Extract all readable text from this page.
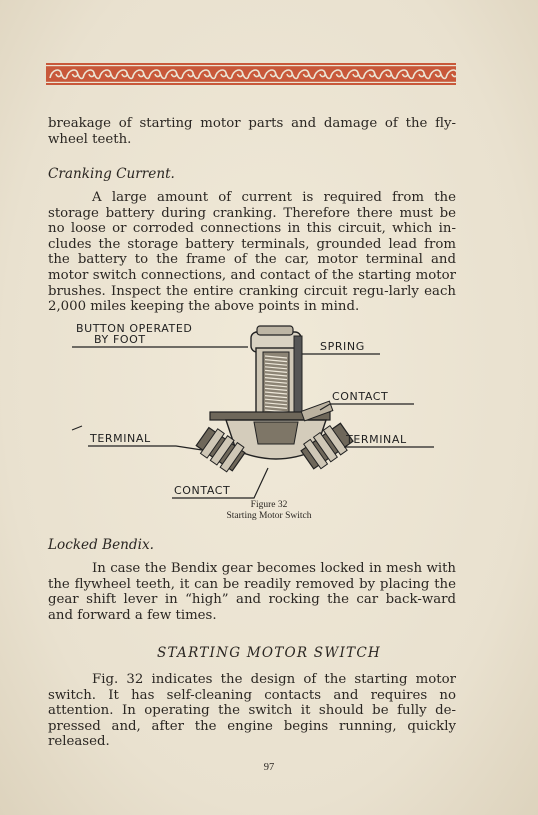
breakage of starting motor parts and damage of the fly-wheel teeth.
Cranking Current.
A large amount of current is required from the storage battery during cranking. Therefore there must be no loose or corroded connections in this circuit, which in-cludes the storage battery terminals, grounded lead from the battery to the frame of the car, motor terminal and motor switch connections, and contact of the starting motor brushes. Inspect the entire cranking circuit regu-larly each 2,000 miles keeping the above points in mind.
BUTTON OPERATED
BY FOOT
SPRING
CONTACT
TERMINAL	TERMINAL
CONTACT
Figure 32
Starting Motor Switch
Locked Bendix.
In case the Bendix gear becomes locked in mesh with the flywheel teeth, it can be readily removed by placing the gear shift lever in “high” and rocking the car back-ward and forward a few times.
STARTING MOTOR SWITCH
Fig. 32 indicates the design of the starting motor switch. It has self-cleaning contacts and requires no attention. In operating the switch it should be fully de-pressed and, after the engine begins running, quickly released.
97
